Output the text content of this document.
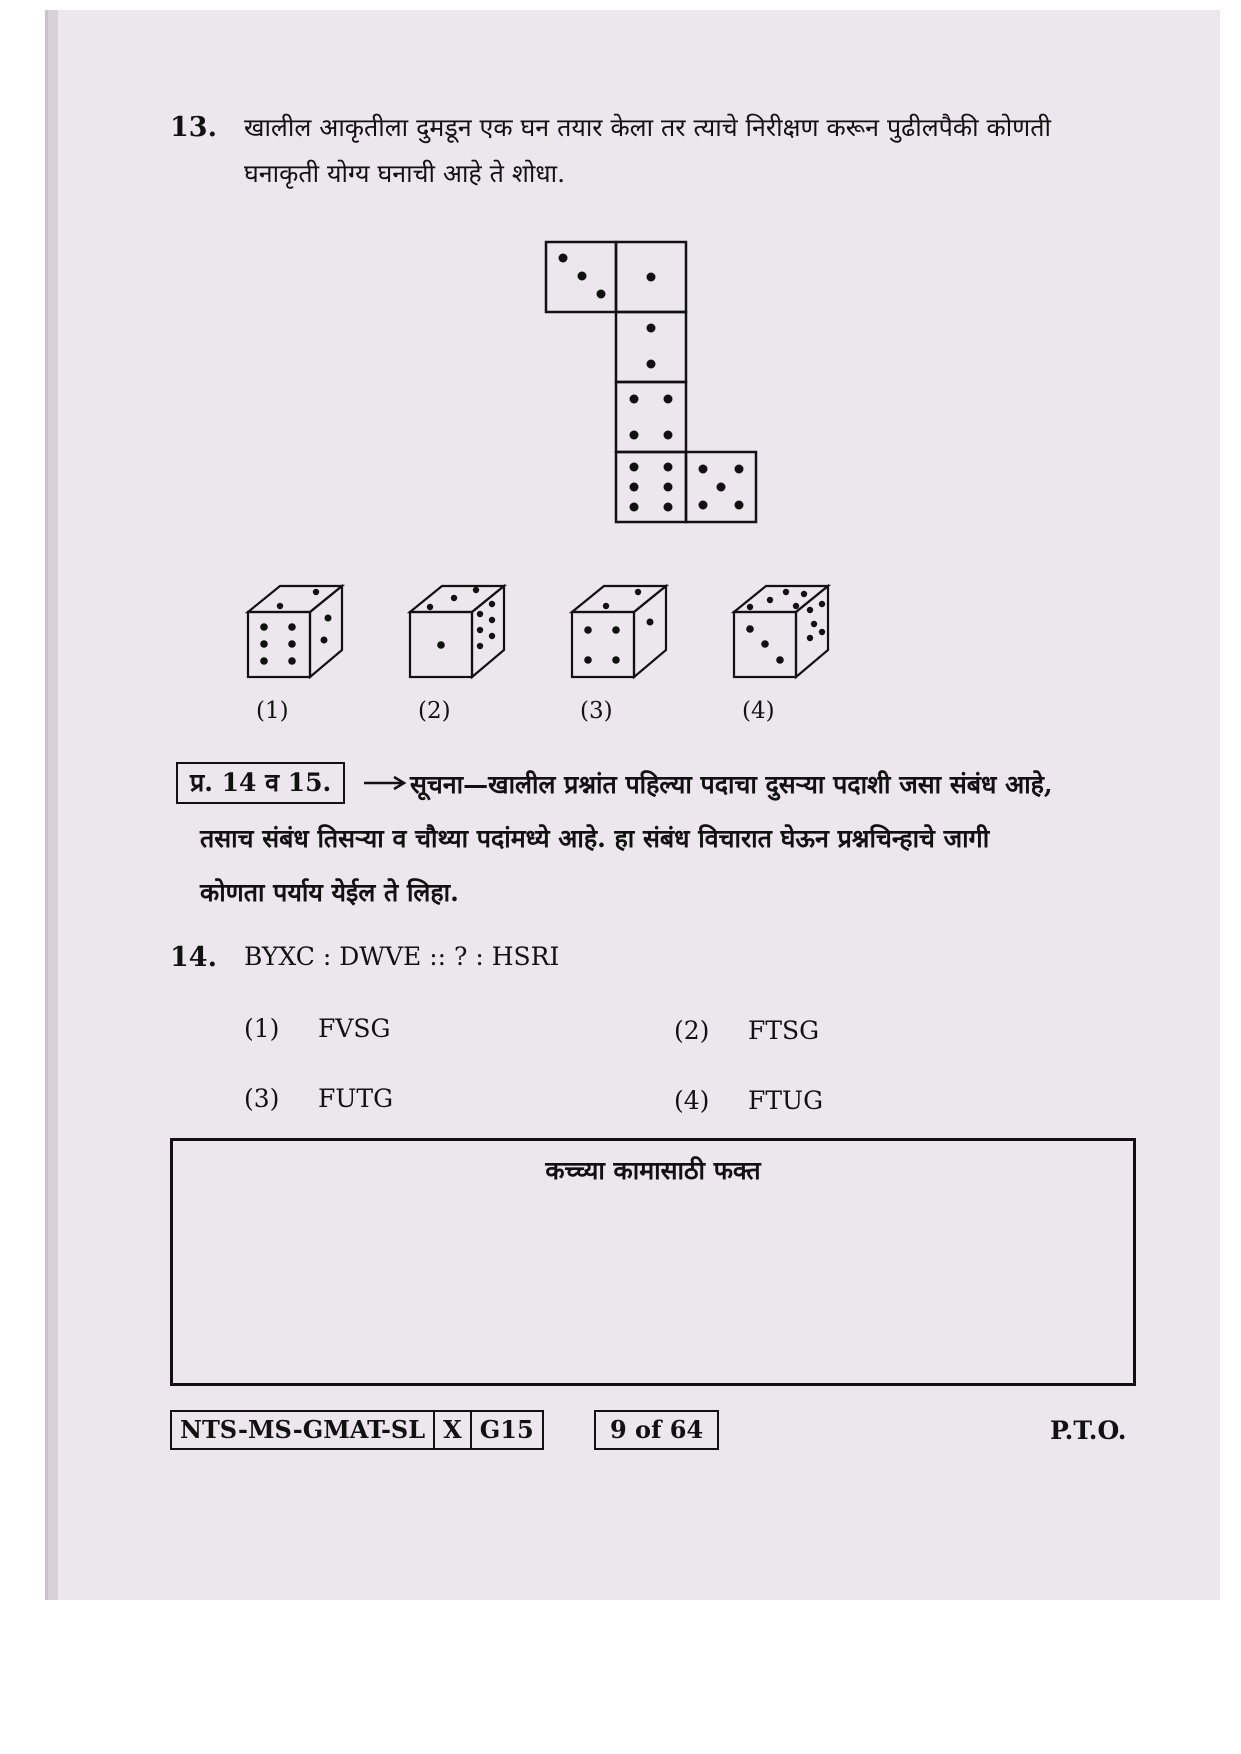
13. खालील आकृतीला दुमडून एक घन तयार केला तर त्याचे निरीक्षण करून पुढीलपैकी कोणती
घनाकृती योग्य घनाची आहे ते शोधा.
(1)	(2)	(3)	(4)
प्र. 14 व 15.	सूचना—खालील प्रश्नांत पहिल्या पदाचा दुसऱ्या पदाशी जसा संबंध आहे,
तसाच संबंध तिसऱ्या व चौथ्या पदांमध्ये आहे. हा संबंध विचारात घेऊन प्रश्नचिन्हाचे जागी
कोणता पर्याय येईल ते लिहा.
14. BYXC : DWVE :: ? : HSRI
(1) FVSG	(2) FTSG
(3) FUTG	(4) FTUG
कच्च्या कामासाठी फक्त
NTS-MS-GMAT-SL X G15	9 of 64	P.T.O.
